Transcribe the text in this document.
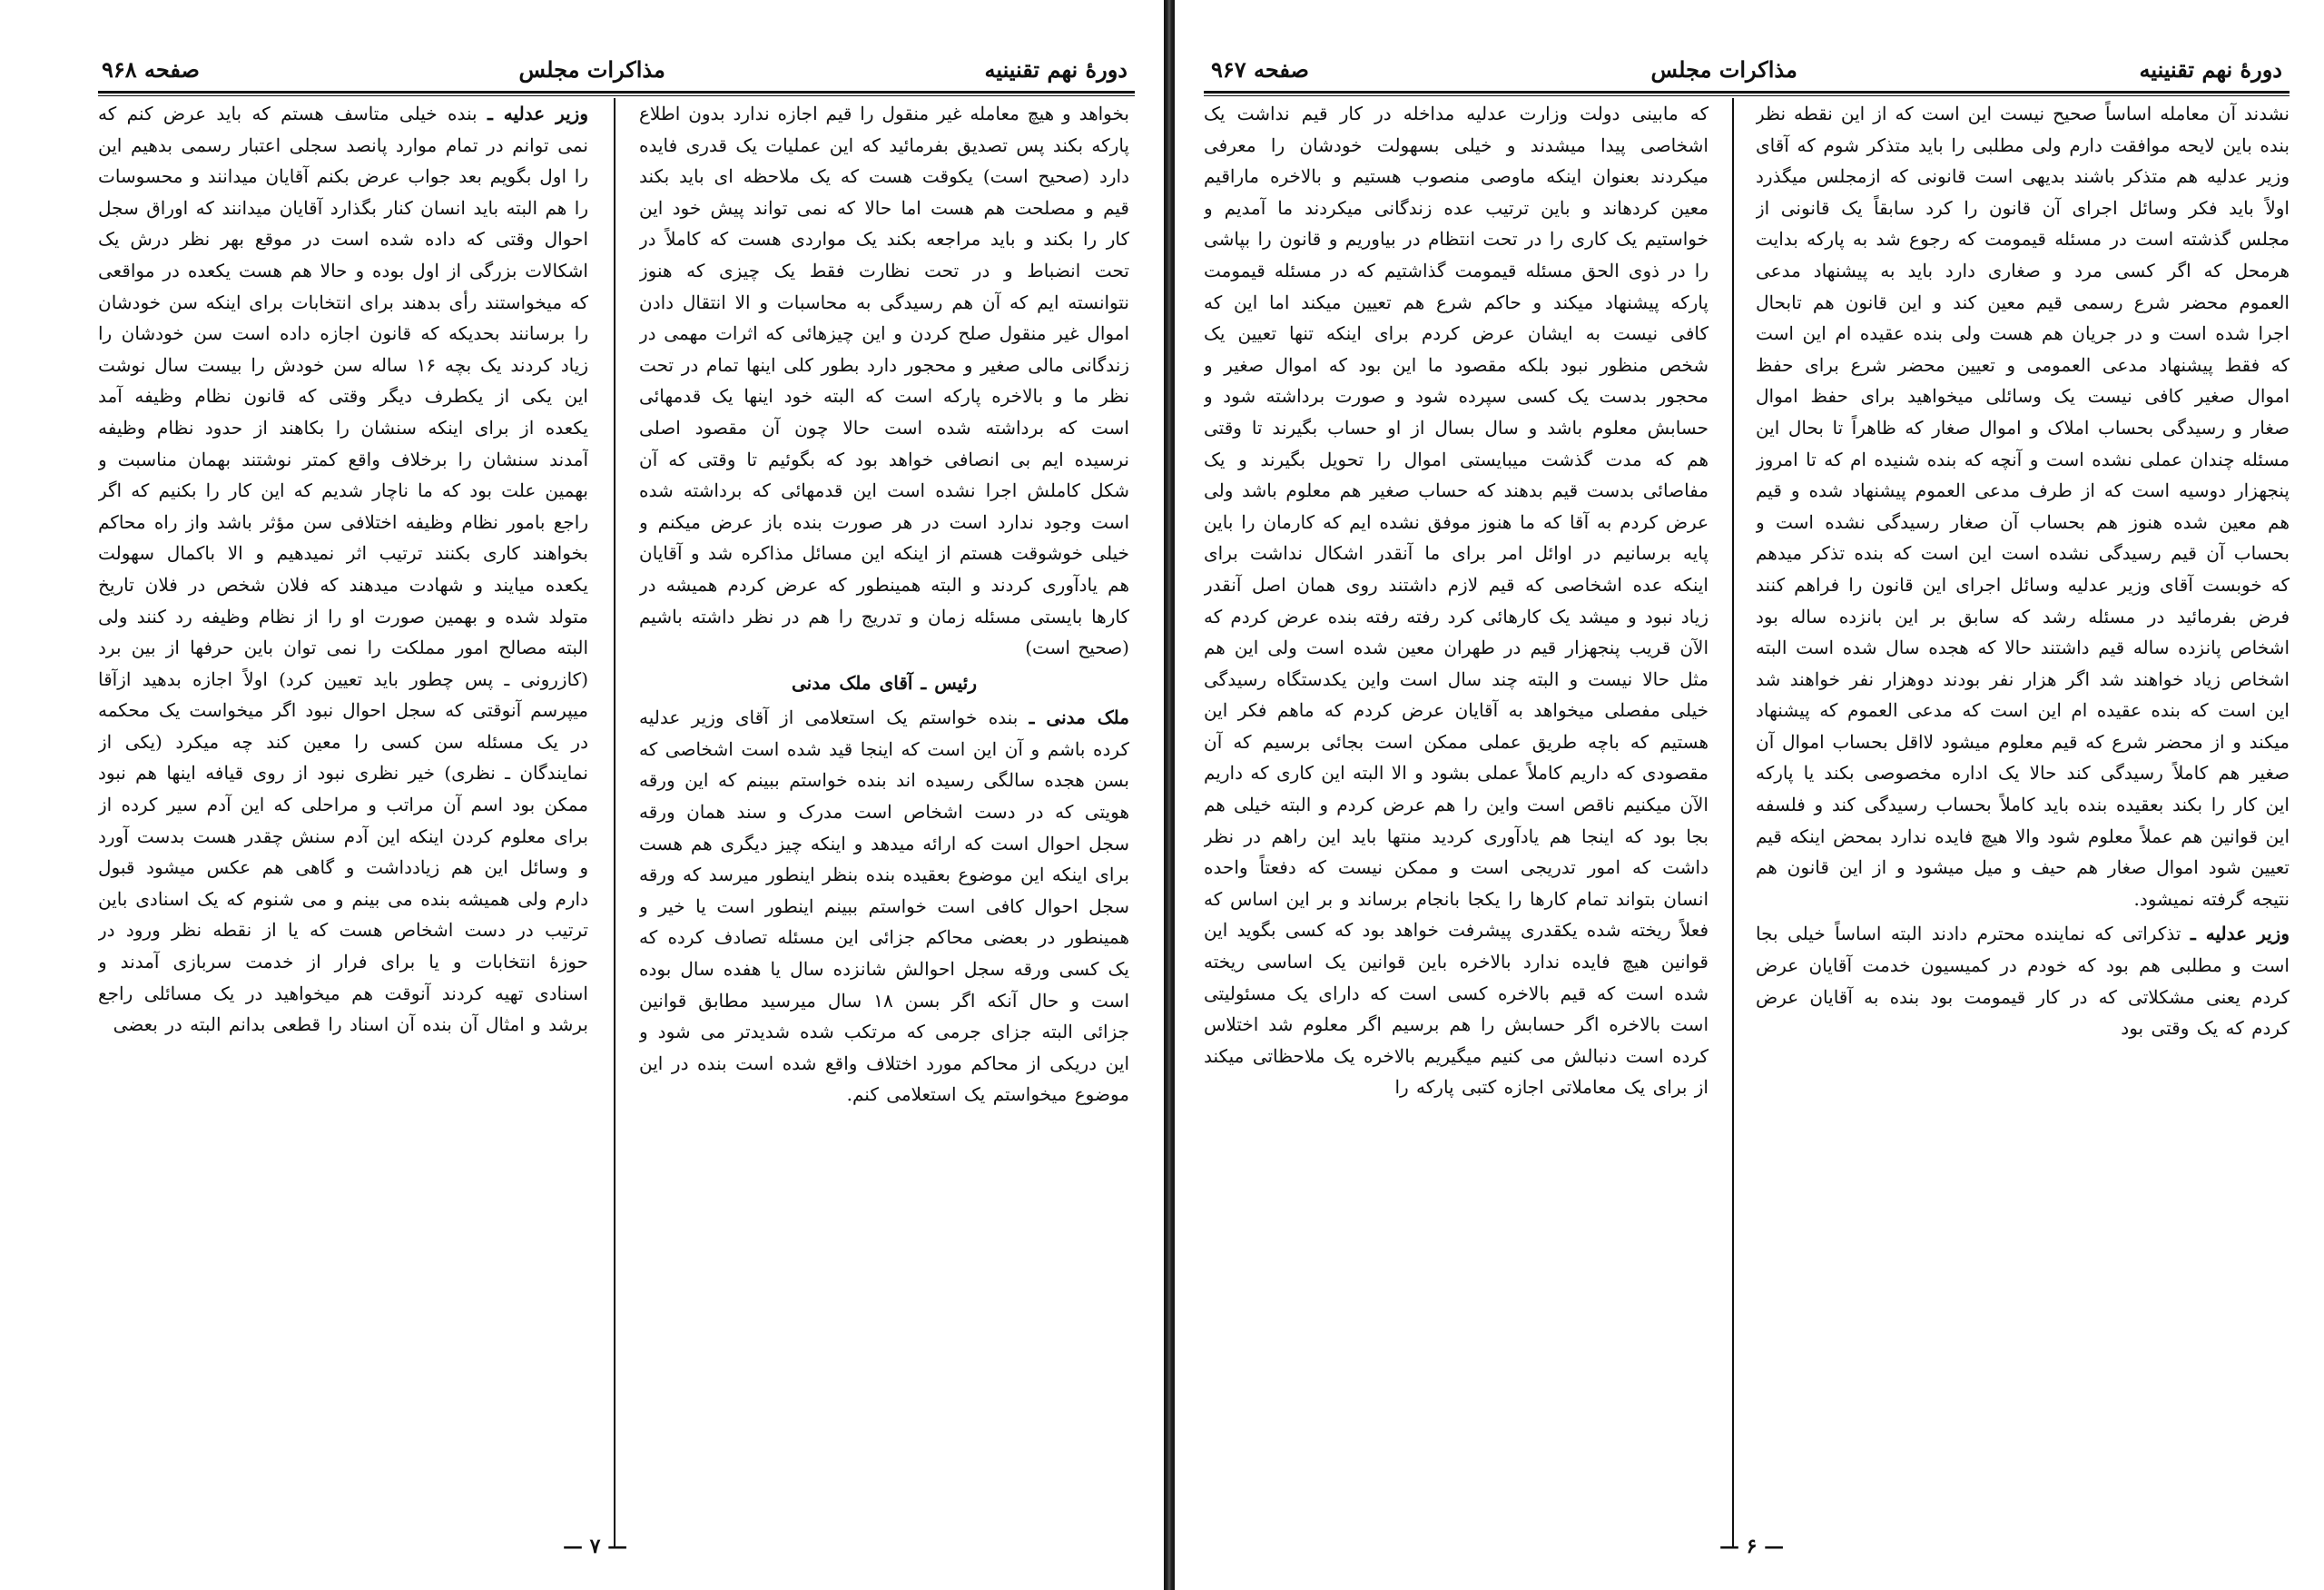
صفحه ۹۶۸	مذاکرات مجلس	دورهٔ نهم تقنینیه

وزیر عدلیه ـ بنده خیلی متاسف هستم که باید عرض کنم که نمی توانم در تمام موارد پانصد سجلی اعتبار رسمی بدهیم این را اول بگویم بعد جواب عرض بکنم آقایان میدانند و محسوسات را هم البته باید انسان کنار بگذارد آقایان میدانند که اوراق سجل احوال وقتی که داده شده است در موقع بهر نظر درش یک اشکالات بزرگی از اول بوده و حالا هم هست یکعده در مواقعی که میخواستند رأی بدهند برای انتخابات برای اینکه سن خودشان را برسانند بحدیکه که قانون اجازه داده است سن خودشان را زیاد کردند یک بچه ۱۶ ساله سن خودش را بیست سال نوشت این یکی از یکطرف دیگر وقتی که قانون نظام وظیفه آمد یکعده از برای اینکه سنشان را بکاهند از حدود نظام وظیفه آمدند سنشان را برخلاف واقع کمتر نوشتند بهمان مناسبت و بهمین علت بود که ما ناچار شدیم که این کار را بکنیم که اگر راجع بامور نظام وظیفه اختلافی سن مؤثر باشد واز راه محاکم بخواهند کاری بکنند ترتیب اثر نمیدهیم و الا باکمال سهولت یکعده میایند و شهادت میدهند که فلان شخص در فلان تاریخ متولد شده و بهمین صورت او را از نظام وظیفه رد کنند ولی البته مصالح امور مملکت را نمی توان باین حرفها از بین برد (کازرونی ـ پس چطور باید تعیین کرد) اولاً اجازه بدهید ازآقا میپرسم آنوقتی که سجل احوال نبود اگر میخواست یک محکمه در یک مسئله سن کسی را معین کند چه میکرد (یکی از نمایندگان ـ نظری) خیر نظری نبود از روی قیافه اینها هم نبود ممکن بود اسم آن مراتب و مراحلی که این آدم سیر کرده از برای معلوم کردن اینکه این آدم سنش چقدر هست بدست آورد و وسائل این هم زیادداشت و گاهی هم عکس میشود قبول دارم ولی همیشه بنده می بینم و می شنوم که یک اسنادی باین ترتیب در دست اشخاص هست که یا از نقطه نظر ورود در حوزهٔ انتخابات و یا برای فرار از خدمت سربازی آمدند و اسنادی تهیه کردند آنوقت هم میخواهید در یک مسائلی راجع برشد و امثال آن بنده آن اسناد را قطعی بدانم البته در بعضی

بخواهد و هیچ معامله غیر منقول را قیم اجازه ندارد بدون اطلاع پارکه بکند پس تصدیق بفرمائید که این عملیات یک قدری فایده دارد (صحیح است) یکوقت هست که یک ملاحظه ای باید بکند قیم و مصلحت هم هست اما حالا که نمی تواند پیش خود این کار را بکند و باید مراجعه بکند یک مواردی هست که کاملاً در تحت انضباط و در تحت نظارت فقط یک چیزی که هنوز نتوانسته ایم که آن هم رسیدگی به محاسبات و الا انتقال دادن اموال غیر منقول صلح کردن و این چیزهائی که اثرات مهمی در زندگانی مالی صغیر و محجور دارد بطور کلی اینها تمام در تحت نظر ما و بالاخره پارکه است که البته خود اینها یک قدمهائی است که برداشته شده است حالا چون آن مقصود اصلی نرسیده ایم بی انصافی خواهد بود که بگوئیم تا وقتی که آن شکل کاملش اجرا نشده است این قدمهائی که برداشته شده است وجود ندارد است در هر صورت بنده باز عرض میکنم و خیلی خوشوقت هستم از اینکه این مسائل مذاکره شد و آقایان هم یادآوری کردند و البته همینطور که عرض کردم همیشه در کارها بایستی مسئله زمان و تدریج را هم در نظر داشته باشیم (صحیح است)

رئیس ـ آقای ملک مدنی

ملک مدنی ـ بنده خواستم یک استعلامی از آقای وزیر عدلیه کرده باشم و آن این است که اینجا قید شده است اشخاصی که بسن هجده سالگی رسیده اند بنده خواستم ببینم که این ورقه هویتی که در دست اشخاص است مدرک و سند همان ورقه سجل احوال است که ارائه میدهد و اینکه چیز دیگری هم هست برای اینکه این موضوع بعقیده بنده بنظر اینطور میرسد که ورقه سجل احوال کافی است خواستم ببینم اینطور است یا خیر و همینطور در بعضی محاکم جزائی این مسئله تصادف کرده که یک کسی ورقه سجل احوالش شانزده سال یا هفده سال بوده است و حال آنکه اگر بسن ۱۸ سال میرسید مطابق قوانین جزائی البته جزای جرمی که مرتکب شده شدیدتر می شود و این دریکی از محاکم مورد اختلاف واقع شده است بنده در این موضوع میخواستم یک استعلامی کنم.

— ۷ —
صفحه ۹۶۷	مذاکرات مجلس	دورهٔ نهم تقنینیه

که مابینی دولت وزارت عدلیه مداخله در کار قیم نداشت یک اشخاصی پیدا میشدند و خیلی بسهولت خودشان را معرفی میکردند بعنوان اینکه ماوصی منصوب هستیم و بالاخره ماراقیم معین کردهاند و باین ترتیب عده زندگانی میکردند ما آمدیم و خواستیم یک کاری را در تحت انتظام در بیاوریم و قانون را بپاشی را در ذوی الحق مسئله قیمومت گذاشتیم که در مسئله قیمومت پارکه پیشنهاد میکند و حاکم شرع هم تعیین میکند اما این که کافی نیست به ایشان عرض کردم برای اینکه تنها تعیین یک شخص منظور نبود بلکه مقصود ما این بود که اموال صغیر و محجور بدست یک کسی سپرده شود و صورت برداشته شود و حسابش معلوم باشد و سال بسال از او حساب بگیرند تا وقتی هم که مدت گذشت میبایستی اموال را تحویل بگیرند و یک مفاصائی بدست قیم بدهند که حساب صغیر هم معلوم باشد ولی عرض کردم به آقا که ما هنوز موفق نشده ایم که کارمان را باین پایه برسانیم در اوائل امر برای ما آنقدر اشکال نداشت برای اینکه عده اشخاصی که قیم لازم داشتند روی همان اصل آنقدر زیاد نبود و میشد یک کارهائی کرد رفته رفته بنده عرض کردم که الآن قریب پنجهزار قیم در طهران معین شده است ولی این هم مثل حالا نیست و البته چند سال است واین یکدستگاه رسیدگی خیلی مفصلی میخواهد به آقایان عرض کردم که ماهم فکر این هستیم که باچه طریق عملی ممکن است بجائی برسیم که آن مقصودی که داریم کاملاً عملی بشود و الا البته این کاری که داریم الآن میکنیم ناقص است واین را هم عرض کردم و البته خیلی هم بجا بود که اینجا هم یادآوری کردید منتها باید این راهم در نظر داشت که امور تدریجی است و ممکن نیست که دفعتاً واحده انسان بتواند تمام کارها را یکجا بانجام برساند و بر این اساس که فعلاً ریخته شده یکقدری پیشرفت خواهد بود که کسی بگوید این قوانین هیچ فایده ندارد بالاخره باین قوانین یک اساسی ریخته شده است که قیم بالاخره کسی است که دارای یک مسئولیتی است بالاخره اگر حسابش را هم برسیم اگر معلوم شد اختلاس کرده است دنبالش می کنیم میگیریم بالاخره یک ملاحظاتی میکند از برای یک معاملاتی اجازه کتبی پارکه را

نشدند آن معامله اساساً صحیح نیست این است که از این نقطه نظر بنده باین لایحه موافقت دارم ولی مطلبی را باید متذکر شوم که آقای وزیر عدلیه هم متذکر باشند بدیهی است قانونی که ازمجلس میگذرد اولاً باید فکر وسائل اجرای آن قانون را کرد سابقاً یک قانونی از مجلس گذشته است در مسئله قیمومت که رجوع شد به پارکه بدایت هرمحل که اگر کسی مرد و صغاری دارد باید به پیشنهاد مدعی العموم محضر شرع رسمی قیم معین کند و این قانون هم تابحال اجرا شده است و در جریان هم هست ولی بنده عقیده ام این است که فقط پیشنهاد مدعی العمومی و تعیین محضر شرع برای حفظ اموال صغیر کافی نیست یک وسائلی میخواهید برای حفظ اموال صغار و رسیدگی بحساب املاک و اموال صغار که ظاهراً تا بحال این مسئله چندان عملی نشده است و آنچه که بنده شنیده ام که تا امروز پنجهزار دوسیه است که از طرف مدعی العموم پیشنهاد شده و قیم هم معین شده هنوز هم بحساب آن صغار رسیدگی نشده است و بحساب آن قیم رسیدگی نشده است این است که بنده تذکر میدهم که خوبست آقای وزیر عدلیه وسائل اجرای این قانون را فراهم کنند فرض بفرمائید در مسئله رشد که سابق بر این بانزده ساله بود اشخاص پانزده ساله قیم داشتند حالا که هجده سال شده است البته اشخاص زیاد خواهند شد اگر هزار نفر بودند دوهزار نفر خواهند شد این است که بنده عقیده ام این است که مدعی العموم که پیشنهاد میکند و از محضر شرع که قیم معلوم میشود لااقل بحساب اموال آن صغیر هم کاملاً رسیدگی کند حالا یک اداره مخصوصی بکند یا پارکه این کار را بکند بعقیده بنده باید کاملاً بحساب رسیدگی کند و فلسفه این قوانین هم عملاً معلوم شود والا هیچ فایده ندارد بمحض اینکه قیم تعیین شود اموال صغار هم حیف و میل میشود و از این قانون هم نتیجه گرفته نمیشود.

وزیر عدلیه ـ تذکراتی که نماینده محترم دادند البته اساساً خیلی بجا است و مطلبی هم بود که خودم در کمیسیون خدمت آقایان عرض کردم یعنی مشکلاتی که در کار قیمومت بود بنده به آقایان عرض کردم که یک وقتی بود

— ۶ —
